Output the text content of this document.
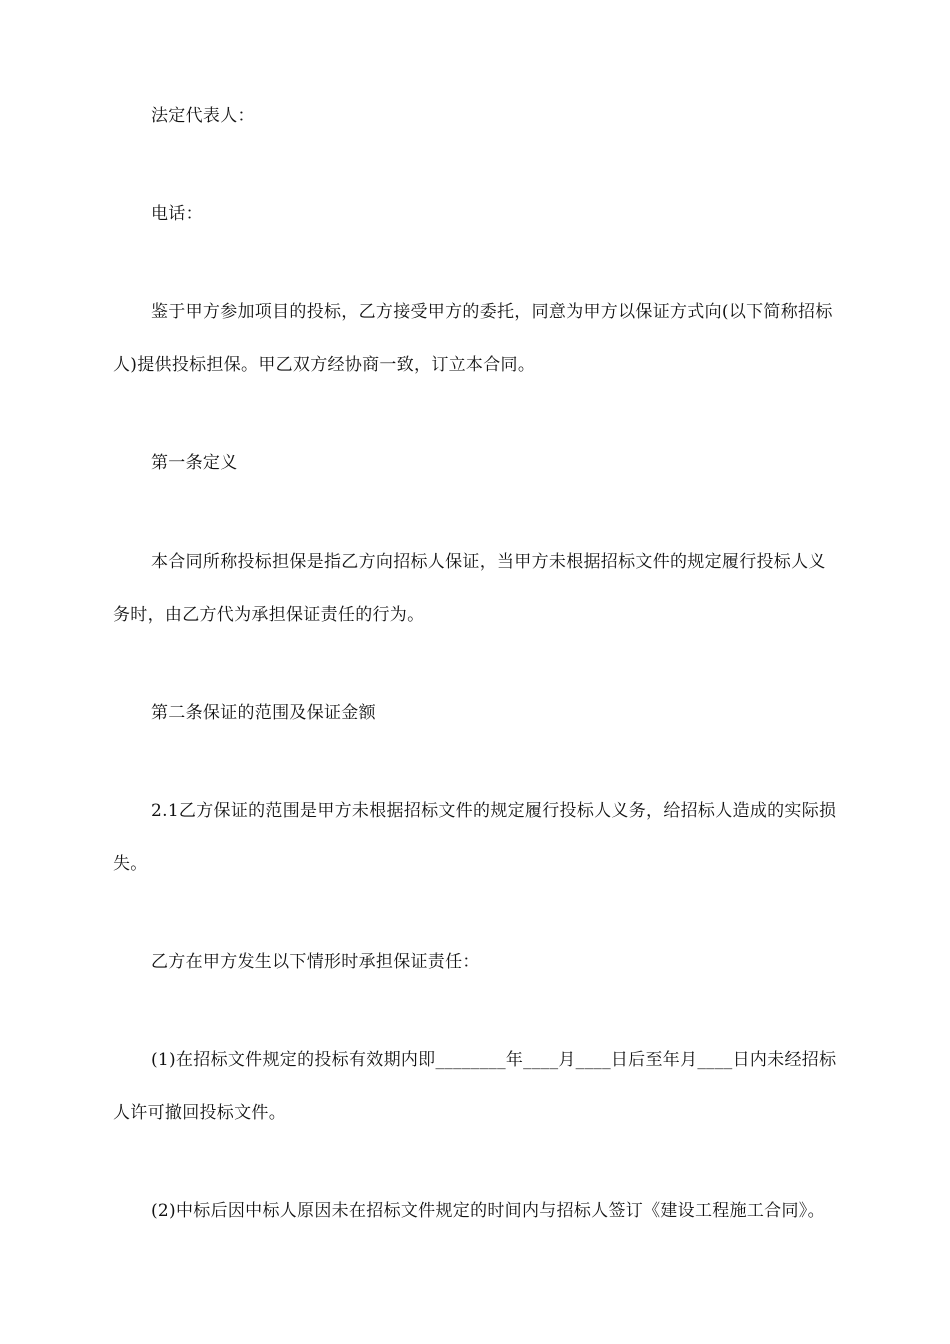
法定代表人：

电话：

鉴于甲方参加项目的投标，乙方接受甲方的委托，同意为甲方以保证方式向(以下简称招标人)提供投标担保。甲乙双方经协商一致，订立本合同。

第一条定义

本合同所称投标担保是指乙方向招标人保证，当甲方未根据招标文件的规定履行投标人义务时，由乙方代为承担保证责任的行为。

第二条保证的范围及保证金额

2.1乙方保证的范围是甲方未根据招标文件的规定履行投标人义务，给招标人造成的实际损失。

乙方在甲方发生以下情形时承担保证责任：

(1)在招标文件规定的投标有效期内即________年____月____日后至年月____日内未经招标人许可撤回投标文件。

(2)中标后因中标人原因未在招标文件规定的时间内与招标人签订《建设工程施工合同》。
